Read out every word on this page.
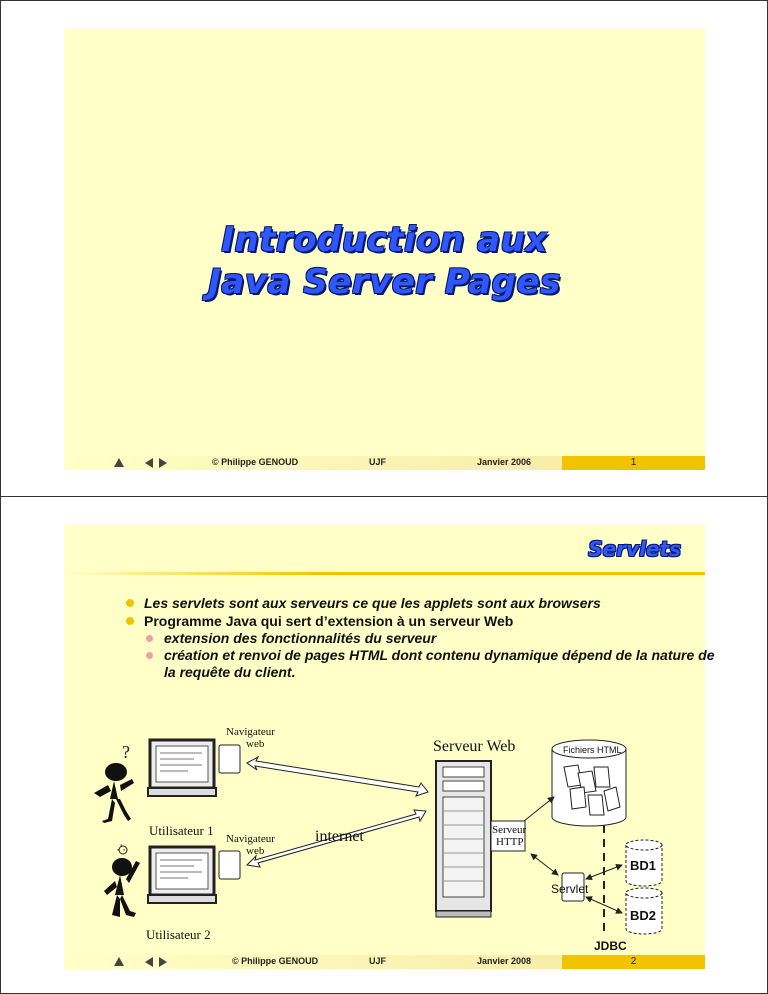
Introduction aux
Java Server Pages
© Philippe GENOUD	UJF	Janvier 2006	1
Servlets
Les servlets sont aux serveurs ce que les applets sont aux browsers
Programme Java qui sert d’extension à un serveur Web
extension des fonctionnalités du serveur
création et renvoi de pages HTML dont contenu dynamique dépend de la nature de la requête du client.
?
Navigateur web
Utilisateur 1
·'·
Navigateur web
Utilisateur 2
internet
Serveur Web
Serveur HTTP
Fichiers HTML
Servlet
JDBC
BD1
BD2
© Philippe GENOUD	UJF	Janvier 2008	2
